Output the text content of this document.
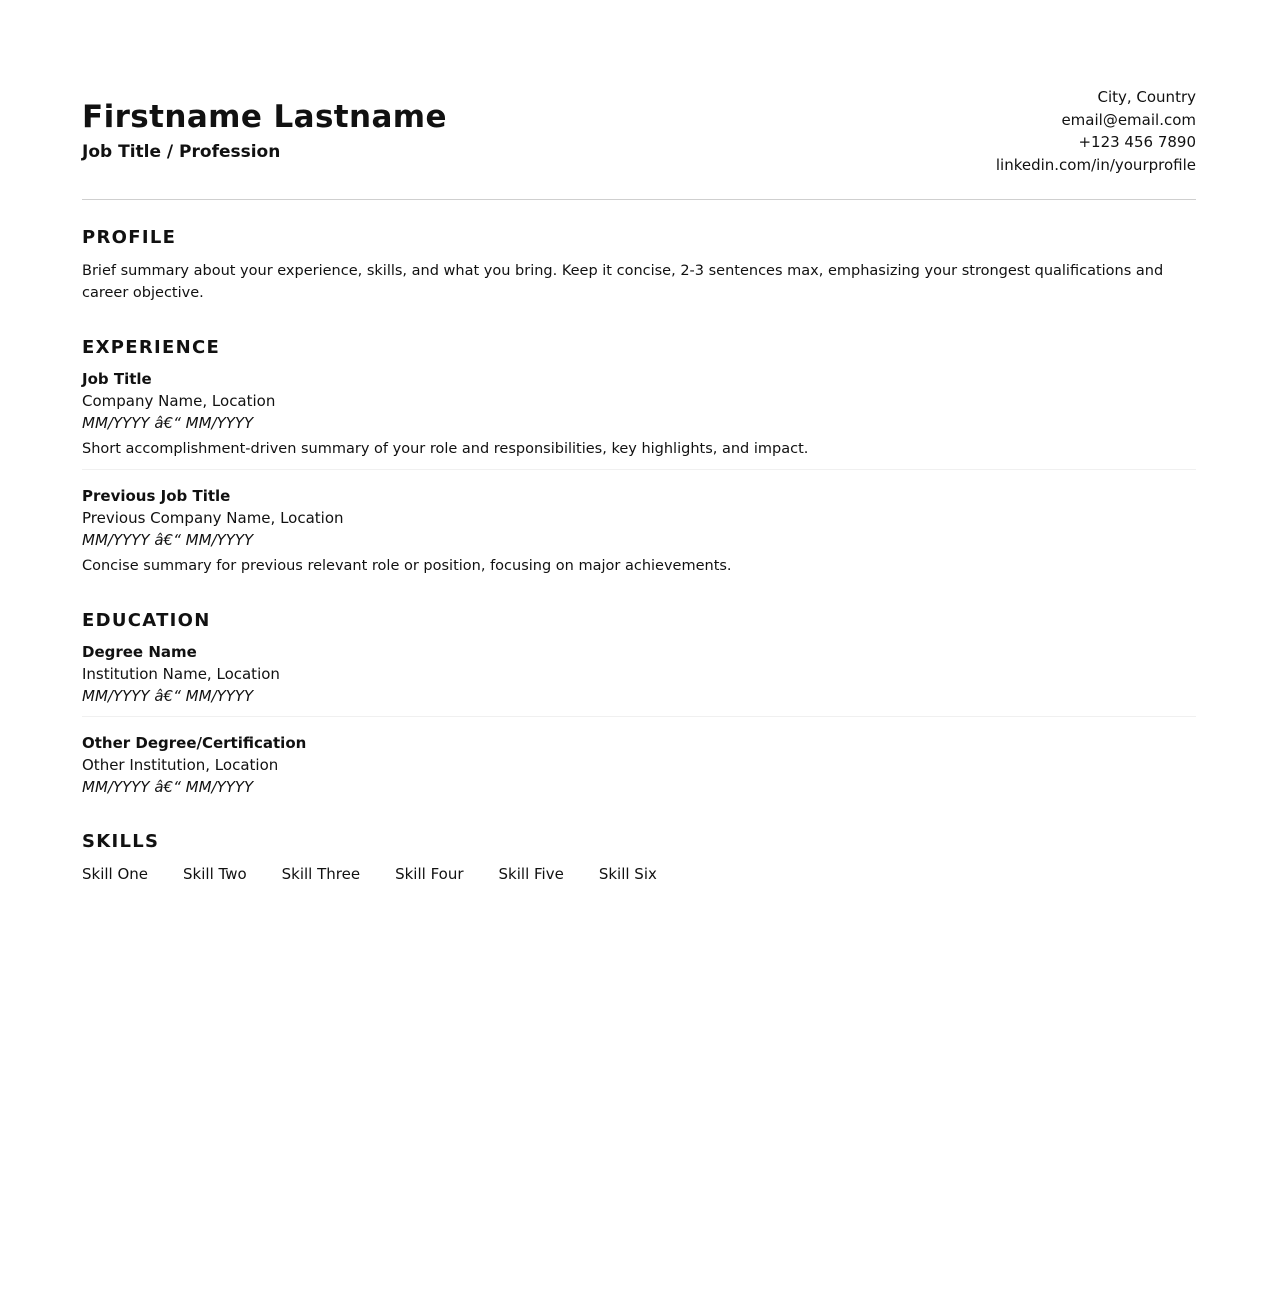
Firstname Lastname
Job Title / Profession
City, Country
email@email.com
+123 456 7890
linkedin.com/in/yourprofile
PROFILE
Brief summary about your experience, skills, and what you bring. Keep it concise, 2-3 sentences max, emphasizing your strongest qualifications and career objective.
EXPERIENCE
Job Title
Company Name, Location
MM/YYYY â€“ MM/YYYY
Short accomplishment-driven summary of your role and responsibilities, key highlights, and impact.
Previous Job Title
Previous Company Name, Location
MM/YYYY â€“ MM/YYYY
Concise summary for previous relevant role or position, focusing on major achievements.
EDUCATION
Degree Name
Institution Name, Location
MM/YYYY â€“ MM/YYYY
Other Degree/Certification
Other Institution, Location
MM/YYYY â€“ MM/YYYY
SKILLS
Skill One Skill Two Skill Three Skill Four Skill Five Skill Six
